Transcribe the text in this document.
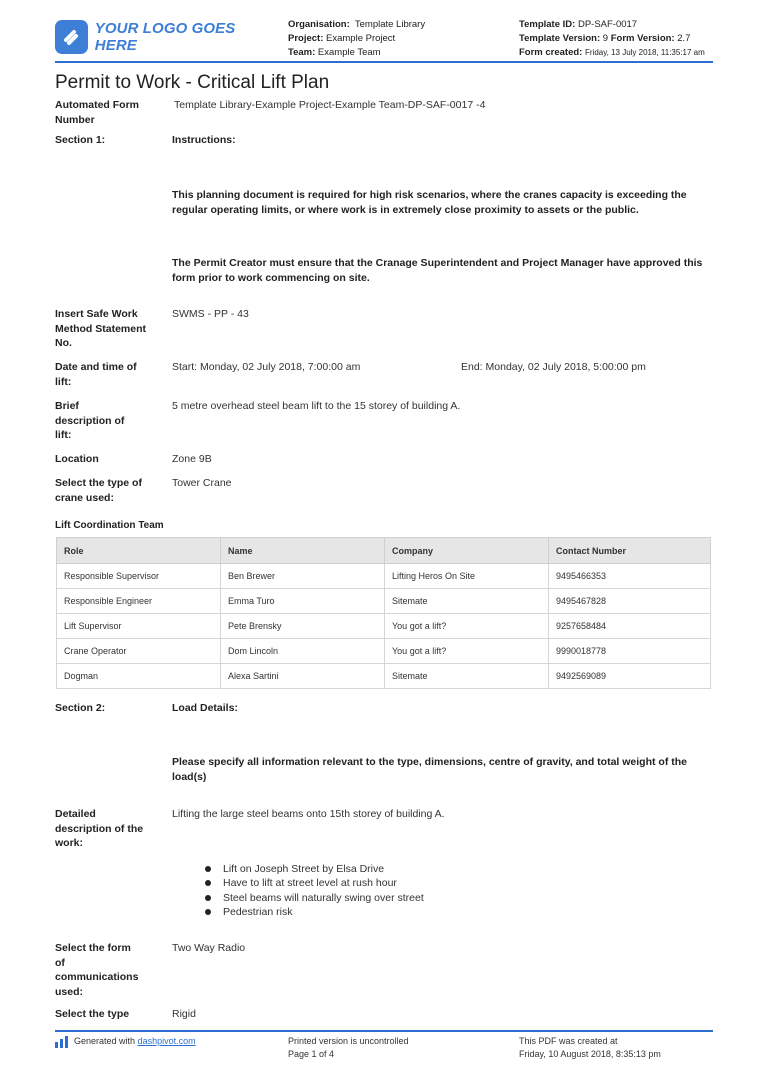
YOUR LOGO GOES HERE
Organisation: Template Library
Project: Example Project
Team: Example Team
Template ID: DP-SAF-0017
Template Version: 9 Form Version: 2.7
Form created: Friday, 13 July 2018, 11:35:17 am
Permit to Work - Critical Lift Plan
Automated Form Number
Template Library-Example Project-Example Team-DP-SAF-0017 -4
Section 1:	Instructions:
This planning document is required for high risk scenarios, where the cranes capacity is exceeding the regular operating limits, or where work is in extremely close proximity to assets or the public.
The Permit Creator must ensure that the Cranage Superintendent and Project Manager have approved this form prior to work commencing on site.
Insert Safe Work Method Statement No.
SWMS - PP - 43
Date and time of lift:
Start: Monday, 02 July 2018, 7:00:00 am	End: Monday, 02 July 2018, 5:00:00 pm
Brief description of lift:
5 metre overhead steel beam lift to the 15 storey of building A.
Location	Zone 9B
Select the type of crane used:
Tower Crane
Lift Coordination Team
Role	Name	Company	Contact Number
Responsible Supervisor	Ben Brewer	Lifting Heros On Site	9495466353
Responsible Engineer	Emma Turo	Sitemate	9495467828
Lift Supervisor	Pete Brensky	You got a lift?	9257658484
Crane Operator	Dom Lincoln	You got a lift?	9990018778
Dogman	Alexa Sartini	Sitemate	9492569089
Section 2:	Load Details:
Please specify all information relevant to the type, dimensions, centre of gravity, and total weight of the load(s)
Detailed description of the work:
Lifting the large steel beams onto 15th storey of building A.
Lift on Joseph Street by Elsa Drive
Have to lift at street level at rush hour
Steel beams will naturally swing over street
Pedestrian risk
Select the form of communications used:
Two Way Radio
Select the type	Rigid
Generated with
dashpivot.com	Printed version is uncontrolled
Page 1 of 4
This PDF was created at
Friday, 10 August 2018, 8:35:13 pm
